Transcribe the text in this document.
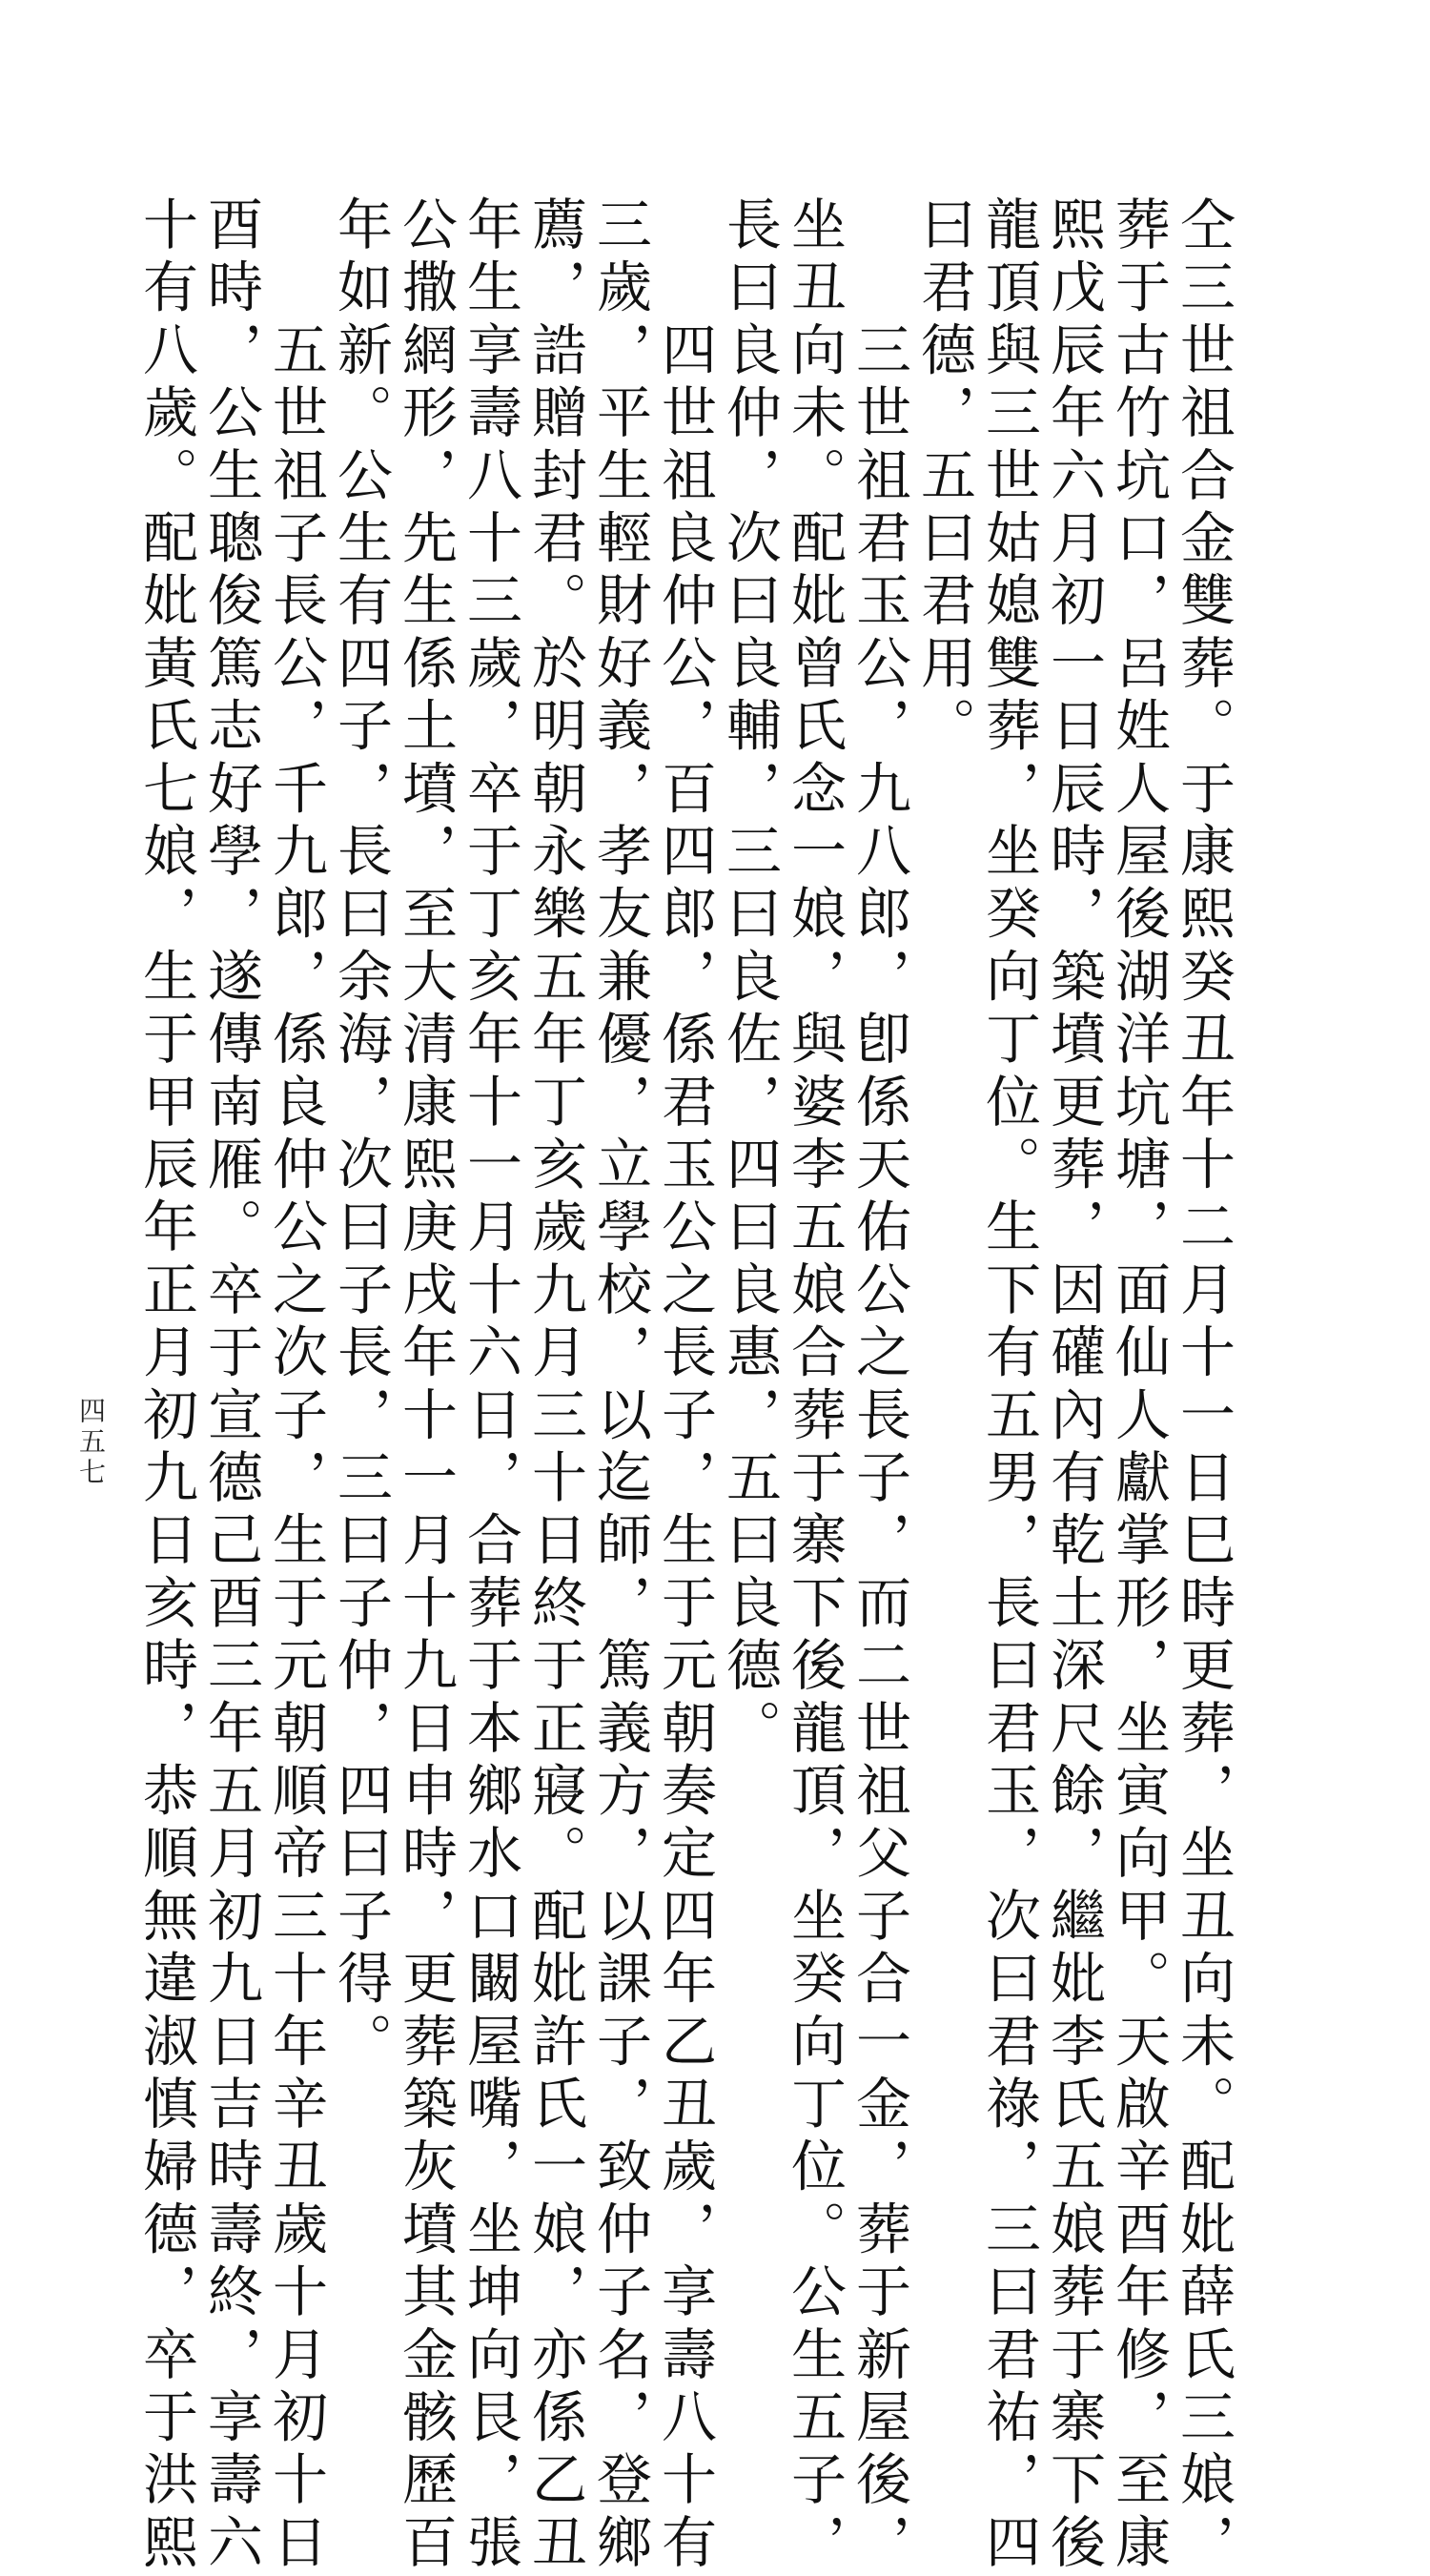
仝三世祖合金雙葬。于康熙癸丑年十二月十一日巳時更葬，坐丑向未。配妣薛氏三娘，
葬于古竹坑口，呂姓人屋後湖洋坑塘，面仙人獻掌形，坐寅向甲。天啟辛酉年修，至康
熙戊辰年六月初一日辰時，築墳更葬，因礶內有乾土深尺餘，繼妣李氏五娘葬于寨下後
龍頂與三世姑媳雙葬，坐癸向丁位。生下有五男，長曰君玉，次曰君祿，三曰君祐，四
曰君德，五曰君用。
　　三世祖君玉公，九八郎，卽係天佑公之長子，而二世祖父子合一金，葬于新屋後，
坐丑向未。配妣曾氏念一娘，與婆李五娘合葬于寨下後龍頂，坐癸向丁位。公生五子，
長曰良仲，次曰良輔，三曰良佐，四曰良惠，五曰良德。
　　四世祖良仲公，百四郎，係君玉公之長子，生于元朝奏定四年乙丑歲，享壽八十有
三歲，平生輕財好義，孝友兼優，立學校，以迄師，篤義方，以課子，致仲子名，登鄉
薦，誥贈封君。於明朝永樂五年丁亥歲九月三十日終于正寢。配妣許氏一娘，亦係乙丑
年生享壽八十三歲，卒于丁亥年十一月十六日，合葬于本鄉水口闞屋嘴，坐坤向艮，張
公撒網形，先生係土墳，至大清康熙庚戌年十一月十九日申時，更葬築灰墳其金骸歷百
年如新。公生有四子，長曰余海，次曰子長，三曰子仲，四曰子得。
　　五世祖子長公，千九郎，係良仲公之次子，生于元朝順帝三十年辛丑歲十月初十日
酉時，公生聰俊篤志好學，遂傳南雁。卒于宣德己酉三年五月初九日吉時壽終，享壽六
十有八歲。配妣黃氏七娘，生于甲辰年正月初九日亥時，恭順無違淑慎婦德，卒于洪熙
四五七
